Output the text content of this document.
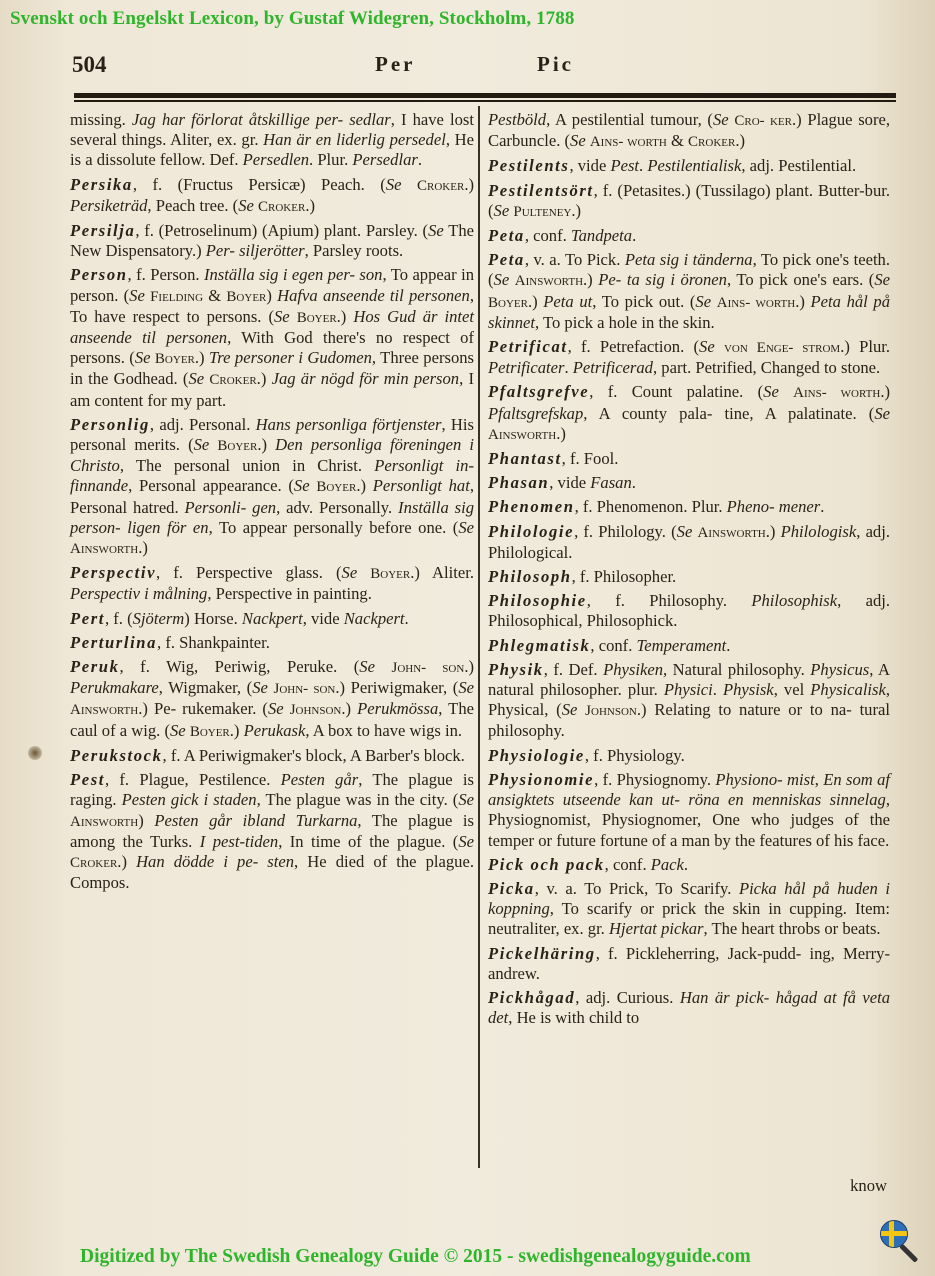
Svenskt och Engelskt Lexicon, by Gustaf Widegren, Stockholm, 1788
504	Per	Pic

missing. Jag har förlorat åtskillige per- sedlar, I have lost several things. Aliter, ex. gr. Han är en liderlig persedel, He is a dissolute fellow. Def. Persedlen. Plur. Persedlar.

Persika, f. (Fructus Persicæ) Peach. (Se Croker.) Persiketräd, Peach tree. (Se Croker.)

Persilja, f. (Petroselinum) (Apium) plant. Parsley. (Se The New Dispensatory.) Per- siljerötter, Parsley roots.

Person, f. Person. Inställa sig i egen per- son, To appear in person. (Se Fielding & Boyer) Hafva anseende til personen, To have respect to persons. (Se Boyer.) Hos Gud är intet anseende til personen, With God there's no respect of persons. (Se Boyer.) Tre personer i Gudomen, Three persons in the Godhead. (Se Croker.) Jag är nögd för min person, I am content for my part.

Personlig, adj. Personal. Hans personliga förtjenster, His personal merits. (Se Boyer.) Den personliga föreningen i Christo, The personal union in Christ. Personligt in- finnande, Personal appearance. (Se Boyer.) Personligt hat, Personal hatred. Personli- gen, adv. Personally. Inställa sig person- ligen för en, To appear personally before one. (Se Ainsworth.)

Perspectiv, f. Perspective glass. (Se Boyer.) Aliter. Perspectiv i målning, Perspective in painting.

Pert, f. (Sjöterm) Horse. Nackpert, vide Nackpert.

Perturlina, f. Shankpainter.

Peruk, f. Wig, Periwig, Peruke. (Se John- son.) Perukmakare, Wigmaker, (Se John- son.) Periwigmaker, (Se Ainsworth.) Pe- rukemaker. (Se Johnson.) Perukmössa, The caul of a wig. (Se Boyer.) Perukask, A box to have wigs in.

Perukstock, f. A Periwigmaker's block, A Barber's block.

Pest, f. Plague, Pestilence. Pesten går, The plague is raging. Pesten gick i staden, The plague was in the city. (Se Ainsworth) Pesten går ibland Turkarna, The plague is among the Turks. I pest-tiden, In time of the plague. (Se Croker.) Han dödde i pe- sten, He died of the plague. Compos.

Pestböld, A pestilential tumour, (Se Cro- ker.) Plague sore, Carbuncle. (Se Ains- worth & Croker.)

Pestilents, vide Pest. Pestilentialisk, adj. Pestilential.

Pestilentsört, f. (Petasites.) (Tussilago) plant. Butter-bur. (Se Pulteney.)

Peta, conf. Tandpeta.

Peta, v. a. To Pick. Peta sig i tänderna, To pick one's teeth. (Se Ainsworth.) Pe- ta sig i öronen, To pick one's ears. (Se Boyer.) Peta ut, To pick out. (Se Ains- worth.) Peta hål på skinnet, To pick a hole in the skin.

Petrificat, f. Petrefaction. (Se von Enge- strom.) Plur. Petrificater. Petrificerad, part. Petrified, Changed to stone.

Pfaltsgrefve, f. Count palatine. (Se Ains- worth.) Pfaltsgrefskap, A county pala- tine, A palatinate. (Se Ainsworth.)

Phantast, f. Fool.

Phasan, vide Fasan.

Phenomen, f. Phenomenon. Plur. Pheno- mener.

Philologie, f. Philology. (Se Ainsworth.) Philologisk, adj. Philological.

Philosoph, f. Philosopher.

Philosophie, f. Philosophy. Philosophisk, adj. Philosophical, Philosophick.

Phlegmatisk, conf. Temperament.

Physik, f. Def. Physiken, Natural philosophy. Physicus, A natural philosopher. plur. Physici. Physisk, vel Physicalisk, Physical, (Se Johnson.) Relating to nature or to na- tural philosophy.

Physiologie, f. Physiology.

Physionomie, f. Physiognomy. Physiono- mist, En som af ansigktets utseende kan ut- röna en menniskas sinnelag, Physiognomist, Physiognomer, One who judges of the temper or future fortune of a man by the features of his face.

Pick och pack, conf. Pack.

Picka, v. a. To Prick, To Scarify. Picka hål på huden i koppning, To scarify or prick the skin in cupping. Item: neutraliter, ex. gr. Hjertat pickar, The heart throbs or beats.

Pickelhäring, f. Pickleherring, Jack-pudd- ing, Merry-andrew.

Pickhågad, adj. Curious. Han är pick- hågad at få veta det, He is with child to

know
Digitized by The Swedish Genealogy Guide © 2015 - swedishgenealogyguide.com
